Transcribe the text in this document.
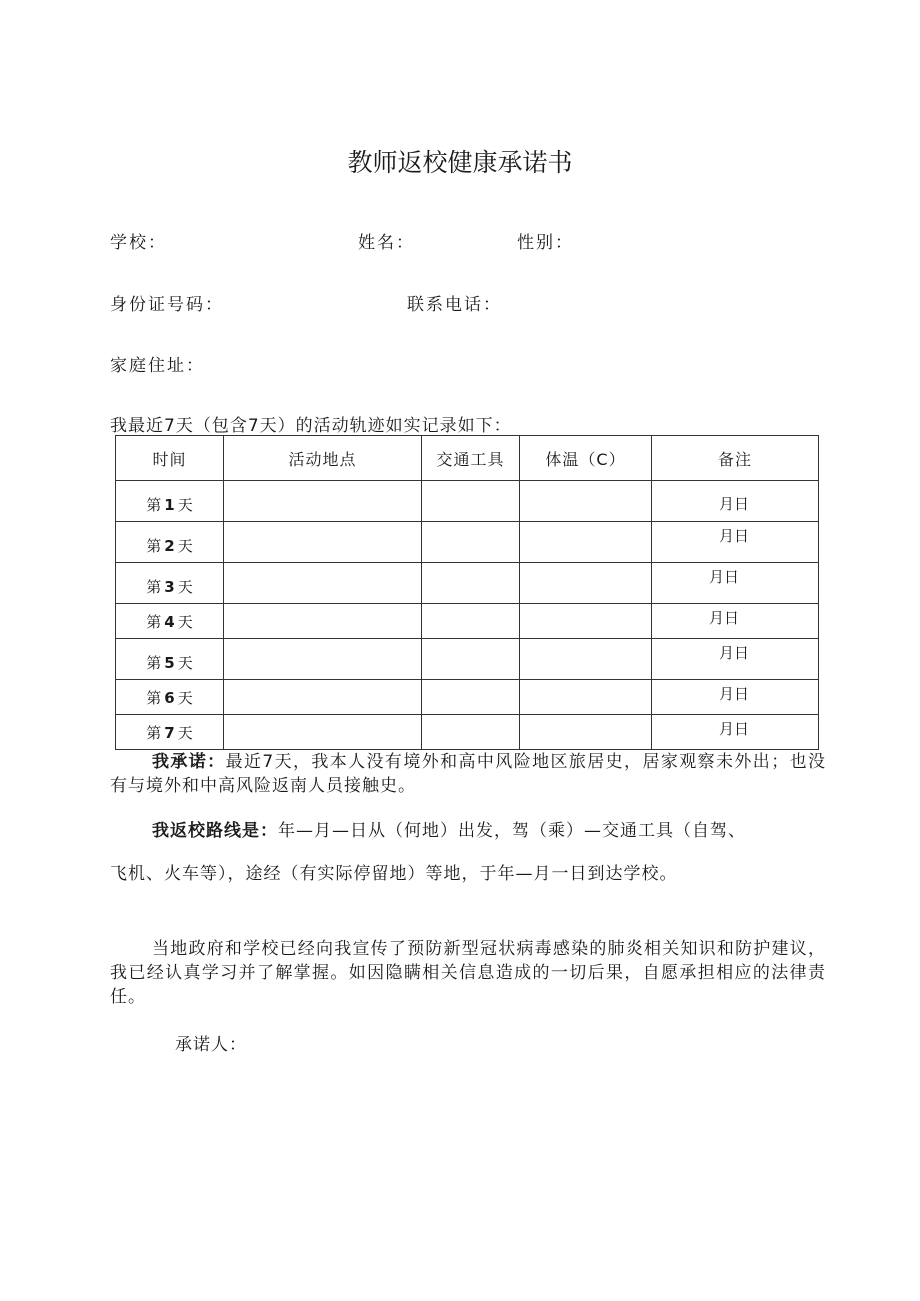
教师返校健康承诺书
学校：	姓名：	性别：
身份证号码：	联系电话：
家庭住址：
我最近7天（包含7天）的活动轨迹如实记录如下：
时间	活动地点	交通工具	体温（C）	备注
第 1 天				月日

第 2 天				月日

第 3 天				月日

第 4 天				月日

第 5 天				月日

第 6 天				月日

第 7 天				月日
我承诺：最近7天，我本人没有境外和高中风险地区旅居史，居家观察未外出；也没有与境外和中高风险返南人员接触史。
我返校路线是：年—月—日从（何地）出发，驾（乘）—交通工具（自驾、
飞机、火车等），途经（有实际停留地）等地，于年—月一日到达学校。
当地政府和学校已经向我宣传了预防新型冠状病毒感染的肺炎相关知识和防护建议，我已经认真学习并了解掌握。如因隐瞒相关信息造成的一切后果，自愿承担相应的法律责任。
承诺人：
